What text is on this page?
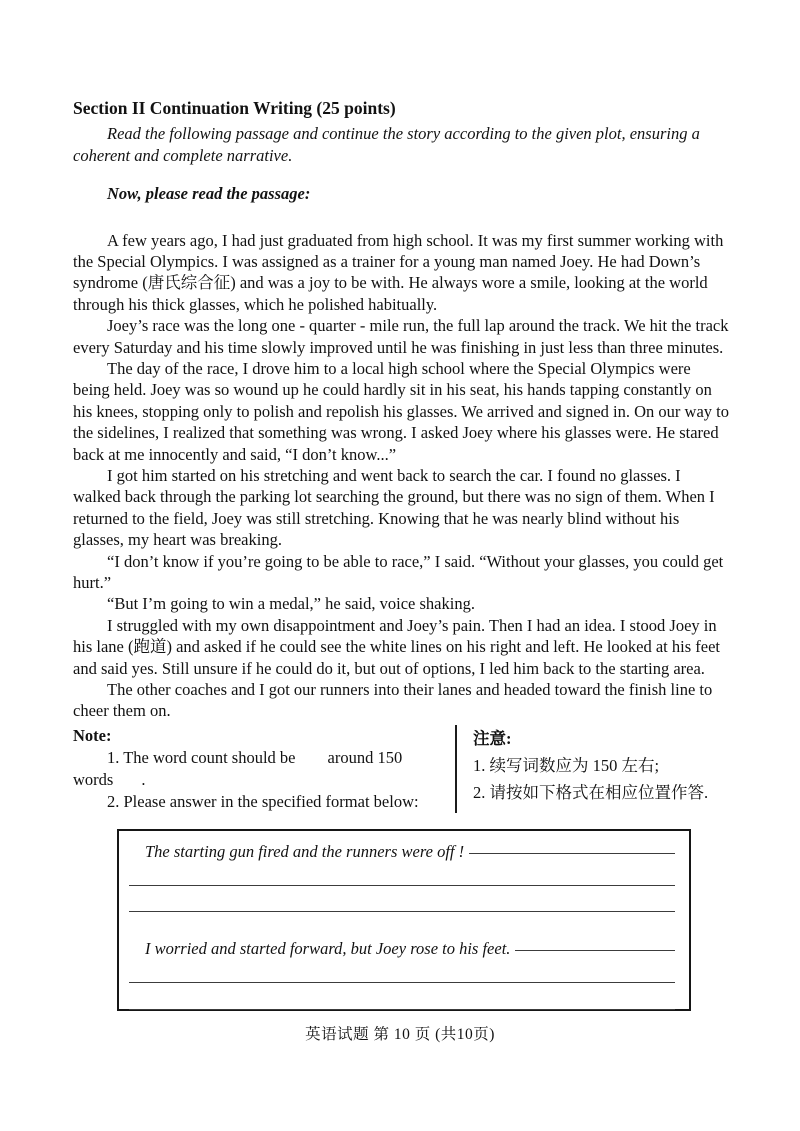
Section II Continuation Writing (25 points)

Read the following passage and continue the story according to the given plot, ensuring a coherent and complete narrative.

Now, please read the passage:

A few years ago, I had just graduated from high school. It was my first summer working with the Special Olympics. I was assigned as a trainer for a young man named Joey. He had Down’s syndrome (唐氏综合征) and was a joy to be with. He always wore a smile, looking at the world through his thick glasses, which he polished habitually.

Joey’s race was the long one - quarter - mile run, the full lap around the track. We hit the track every Saturday and his time slowly improved until he was finishing in just less than three minutes.

The day of the race, I drove him to a local high school where the Special Olympics were being held. Joey was so wound up he could hardly sit in his seat, his hands tapping constantly on his knees, stopping only to polish and repolish his glasses. We arrived and signed in. On our way to the sidelines, I realized that something was wrong. I asked Joey where his glasses were. He stared back at me innocently and said, “I don’t know...”

I got him started on his stretching and went back to search the car. I found no glasses. I walked back through the parking lot searching the ground, but there was no sign of them. When I returned to the field, Joey was still stretching. Knowing that he was nearly blind without his glasses, my heart was breaking.

“I don’t know if you’re going to be able to race,” I said. “Without your glasses, you could get hurt.”

“But I’m going to win a medal,” he said, voice shaking.

I struggled with my own disappointment and Joey’s pain. Then I had an idea. I stood Joey in his lane (跑道) and asked if he could see the white lines on his right and left. He looked at his feet and said yes. Still unsure if he could do it, but out of options, I led him back to the starting area.

The other coaches and I got our runners into their lanes and headed toward the finish line to cheer them on.

Note:
1. The word count should be around 150
words .
2. Please answer in the specified format below:
注意:
1. 续写词数应为 150 左右;
2. 请按如下格式在相应位置作答.
The starting gun fired and the runners were off !
I worried and started forward, but Joey rose to his feet.
英语试题 第 10 页 (共10页)
